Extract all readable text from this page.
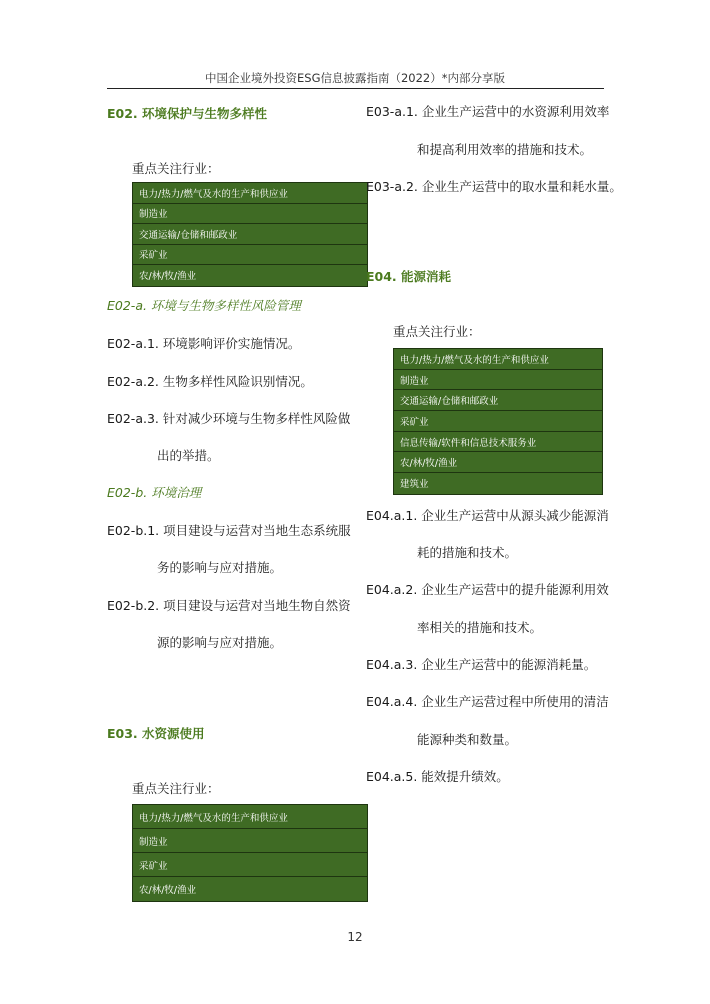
中国企业境外投资ESG信息披露指南（2022）*内部分享版
E02. 环境保护与生物多样性
重点关注行业：
电力/热力/燃气及水的生产和供应业
制造业
交通运输/仓储和邮政业
采矿业
农/林/牧/渔业
E02-a. 环境与生物多样性风险管理
E02-a.1. 环境影响评价实施情况。
E02-a.2. 生物多样性风险识别情况。
E02-a.3. 针对减少环境与生物多样性风险做
出的举措。
E02-b. 环境治理
E02-b.1. 项目建设与运营对当地生态系统服
务的影响与应对措施。
E02-b.2. 项目建设与运营对当地生物自然资
源的影响与应对措施。
E03. 水资源使用
重点关注行业：
电力/热力/燃气及水的生产和供应业
制造业
采矿业
农/林/牧/渔业
E03-a.1. 企业生产运营中的水资源利用效率
和提高利用效率的措施和技术。
E03-a.2. 企业生产运营中的取水量和耗水量。
E04. 能源消耗
重点关注行业：
电力/热力/燃气及水的生产和供应业
制造业
交通运输/仓储和邮政业
采矿业
信息传输/软件和信息技术服务业
农/林/牧/渔业
建筑业
E04.a.1. 企业生产运营中从源头减少能源消
耗的措施和技术。
E04.a.2. 企业生产运营中的提升能源利用效
率相关的措施和技术。
E04.a.3. 企业生产运营中的能源消耗量。
E04.a.4. 企业生产运营过程中所使用的清洁
能源种类和数量。
E04.a.5. 能效提升绩效。
12
